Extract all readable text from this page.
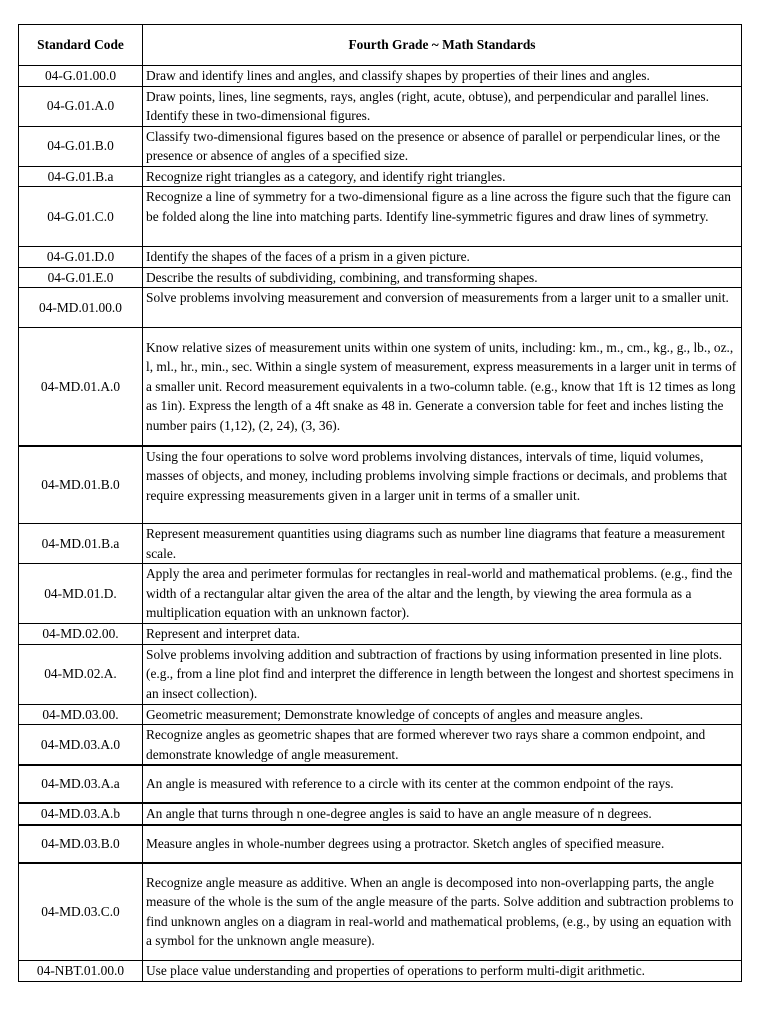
Standard Code	Fourth Grade ~ Math Standards
04-G.01.00.0	Draw and identify lines and angles, and classify shapes by properties of their lines and angles.
04-G.01.A.0	Draw points, lines, line segments, rays, angles (right, acute, obtuse), and perpendicular and parallel lines. Identify these in two-dimensional figures.
04-G.01.B.0	Classify two-dimensional figures based on the presence or absence of parallel or perpendicular lines, or the presence or absence of angles of a specified size.
04-G.01.B.a	Recognize right triangles as a category, and identify right triangles.
04-G.01.C.0	Recognize a line of symmetry for a two-dimensional figure as a line across the figure such that the figure can be folded along the line into matching parts. Identify line-symmetric figures and draw lines of symmetry.
04-G.01.D.0	Identify the shapes of the faces of a prism in a given picture.
04-G.01.E.0	Describe the results of subdividing, combining, and transforming shapes.
04-MD.01.00.0	Solve problems involving measurement and conversion of measurements from a larger unit to a smaller unit.
04-MD.01.A.0	Know relative sizes of measurement units within one system of units, including: km., m., cm., kg., g., lb., oz., l, ml., hr., min., sec. Within a single system of measurement, express measurements in a larger unit in terms of a smaller unit. Record measurement equivalents in a two-column table. (e.g., know that 1ft is 12 times as long as 1in). Express the length of a 4ft snake as 48 in. Generate a conversion table for feet and inches listing the number pairs (1,12), (2, 24), (3, 36).
04-MD.01.B.0	Using the four operations to solve word problems involving distances, intervals of time, liquid volumes, masses of objects, and money, including problems involving simple fractions or decimals, and problems that require expressing measurements given in a larger unit in terms of a smaller unit.
04-MD.01.B.a	Represent measurement quantities using diagrams such as number line diagrams that feature a measurement scale.
04-MD.01.D.	Apply the area and perimeter formulas for rectangles in real-world and mathematical problems. (e.g., find the width of a rectangular altar given the area of the altar and the length, by viewing the area formula as a multiplication equation with an unknown factor).
04-MD.02.00.	Represent and interpret data.
04-MD.02.A.	Solve problems involving addition and subtraction of fractions by using information presented in line plots. (e.g., from a line plot find and interpret the difference in length between the longest and shortest specimens in an insect collection).
04-MD.03.00.	Geometric measurement; Demonstrate knowledge of concepts of angles and measure angles.
04-MD.03.A.0	Recognize angles as geometric shapes that are formed wherever two rays share a common endpoint, and demonstrate knowledge of angle measurement.
04-MD.03.A.a	An angle is measured with reference to a circle with its center at the common endpoint of the rays.
04-MD.03.A.b	An angle that turns through n one-degree angles is said to have an angle measure of n degrees.
04-MD.03.B.0	Measure angles in whole-number degrees using a protractor. Sketch angles of specified measure.
04-MD.03.C.0	Recognize angle measure as additive. When an angle is decomposed into non-overlapping parts, the angle measure of the whole is the sum of the angle measure of the parts. Solve addition and subtraction problems to find unknown angles on a diagram in real-world and mathematical problems, (e.g., by using an equation with a symbol for the unknown angle measure).
04-NBT.01.00.0	Use place value understanding and properties of operations to perform multi-digit arithmetic.
